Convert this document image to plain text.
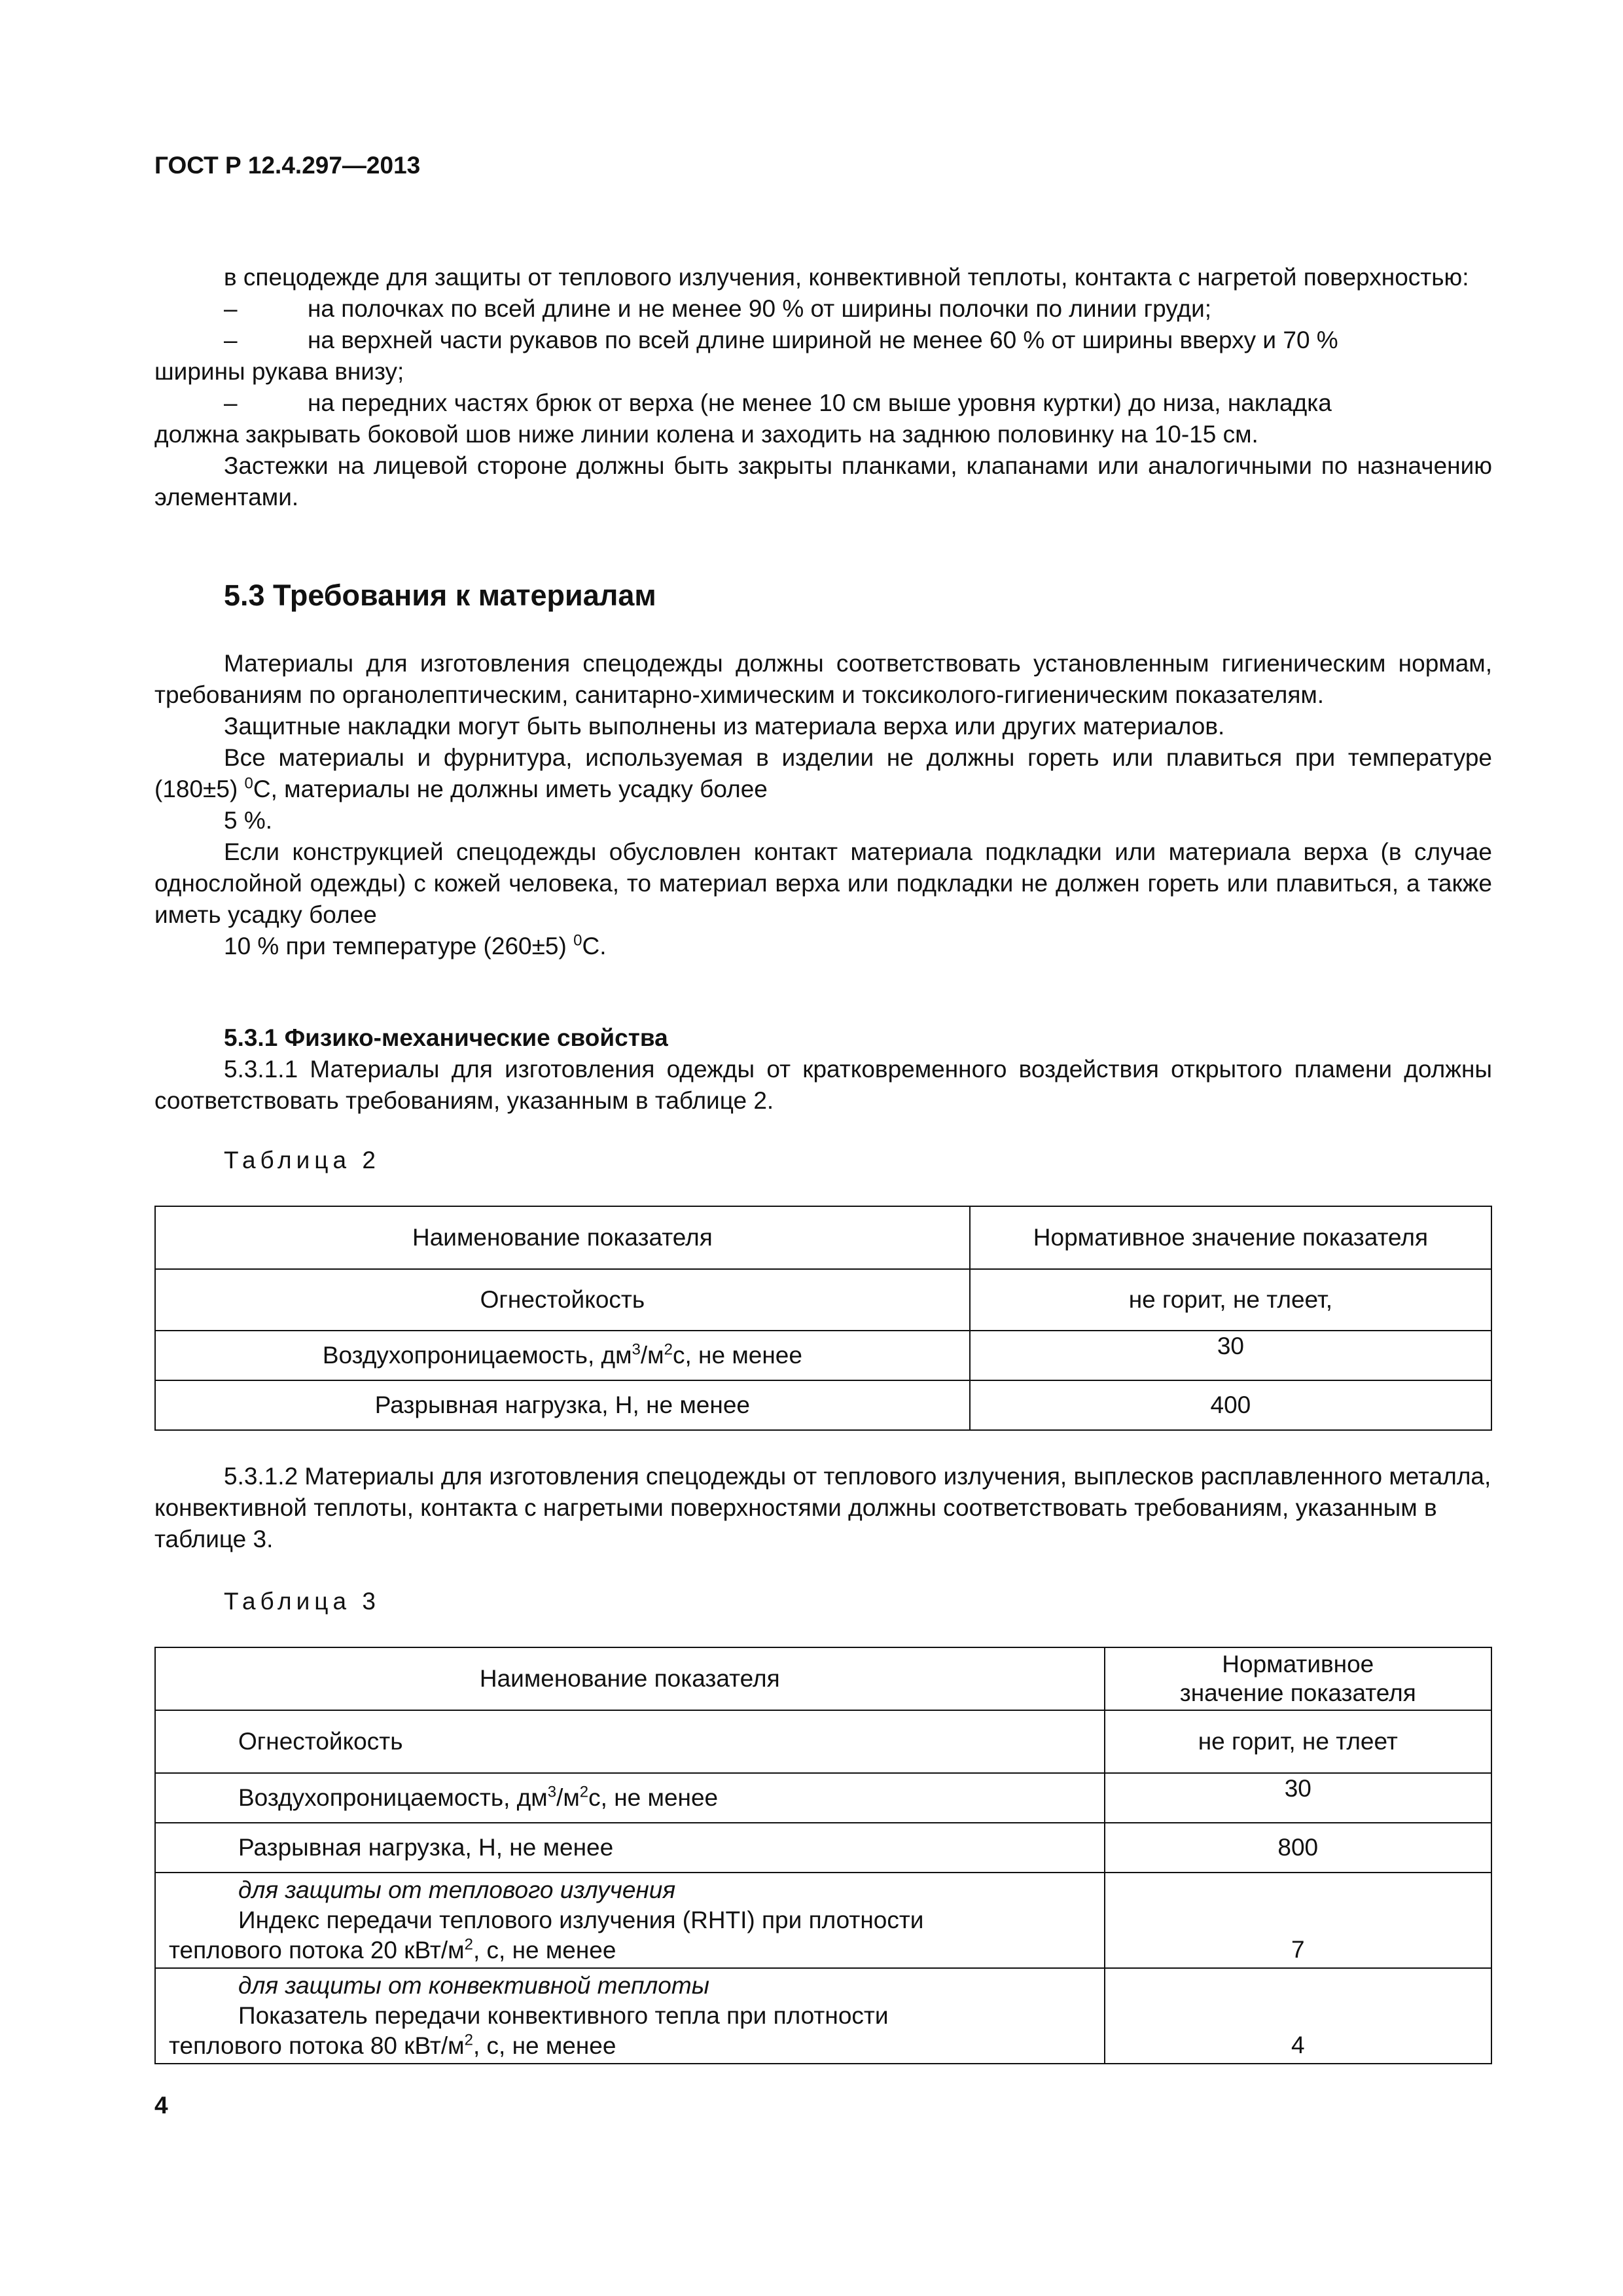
ГОСТ Р 12.4.297—2013

в спецодежде для защиты от теплового излучения, конвективной теплоты, контакта с нагретой поверхностью:

–	на полочках по всей длине и не менее 90 % от ширины полочки по линии груди;
–	на верхней части рукавов по всей длине шириной не менее 60 % от ширины вверху и 70 %

ширины рукава внизу;

–	на передних частях брюк от верха (не менее 10 см выше уровня куртки) до низа, накладка

должна закрывать боковой шов ниже линии колена и заходить на заднюю половинку на 10-15 см.

Застежки на лицевой стороне должны быть закрыты планками, клапанами или аналогичными по назначению элементами.

5.3 Требования к материалам

Материалы для изготовления спецодежды должны соответствовать установленным гигиеническим нормам, требованиям по органолептическим, санитарно-химическим и токсиколого-гигиеническим показателям.

Защитные накладки могут быть выполнены из материала верха или других материалов.

Все материалы и фурнитура, используемая в изделии не должны гореть или плавиться при температуре (180±5) $^0$С, материалы не должны иметь усадку более

5 %.

Если конструкцией спецодежды обусловлен контакт материала подкладки или материала верха (в случае однослойной одежды) с кожей человека, то материал верха или подкладки не должен гореть или плавиться, а также иметь усадку более

10 % при температуре (260±5) $^0$С.

5.3.1 Физико-механические свойства

5.3.1.1 Материалы для изготовления одежды от кратковременного воздействия открытого пламени должны соответствовать требованиям, указанным в таблице 2.

Таблица 2
Наименование показателя	Нормативное значение показателя
Огнестойкость	не горит, не тлеет,
Воздухопроницаемость, $дм^3/м^2с$, не менее	30
Разрывная нагрузка, Н, не менее	400

5.3.1.2 Материалы для изготовления спецодежды от теплового излучения, выплесков расплавленного металла, конвективной теплоты, контакта с нагретыми поверхностями должны соответствовать требованиям, указанным в таблице 3.

Таблица 3
Наименование показателя	Нормативное
значение показателя

Огнестойкость	не горит, не тлеет
Воздухопроницаемость, $дм^3/м^2с$, не менее	30
Разрывная нагрузка, Н, не менее	800

для защиты от теплового излучения
Индекс передачи теплового излучения (RHTI) при плотности
теплового потока 20 кВт/$м^2$, с, не менее	7

для защиты от конвективной теплоты
Показатель передачи конвективного тепла при плотности
теплового потока 80 кВт/$м^2$, с, не менее	4
4
